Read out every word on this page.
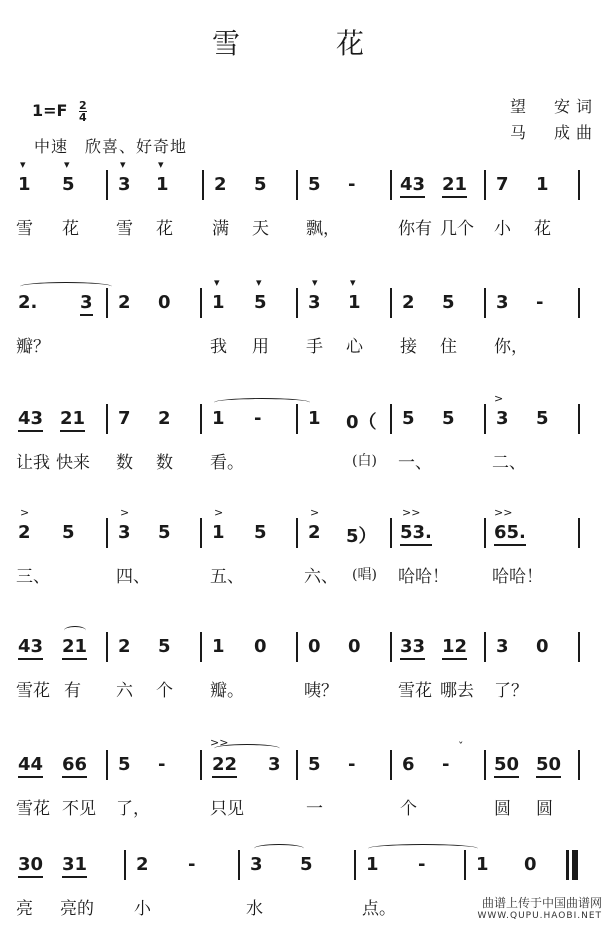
雪　花
$1=F \frac{2}{4}$
中速　欣喜、好奇地
望　安词
马　成曲
▾	▾	▾	▾
1 5 3 1	2 5 5 - 43 21 7 1
雪 花 雪 花 满 天 飘，	你有 几个 小 花
▾	▾	▾	▾
2. 3 2 0 1 5 3 1 2 5 3 -
瓣？	我 用 手 心 接 住 你，
>
43 21 7 2 1 -	1 0（ 5 5 3 5
让我 快来 数 数 看。	(白) 一、	二、
>	>	>	>	>>	>>
2 5 3 5 1 5 2 5） 53.	65.
三、	四、	五、	六、 (唱) 哈哈！	哈哈！
43 21 2 5 1 0 0 0 33 12 3 0
雪花 有 六 个 瓣。	咦？	雪花 哪去 了？
>>	ˇ
44 66 5 -	22 3 5 -	6 - 50 50
雪花 不见 了，	只见	一	个	圆 圆
30 31	2 -	3 5	1 -	1 0
亮 亮的 小	水	点。	曲谱上传于中国曲谱网
WWW.QUPU.HAOBI.NET
